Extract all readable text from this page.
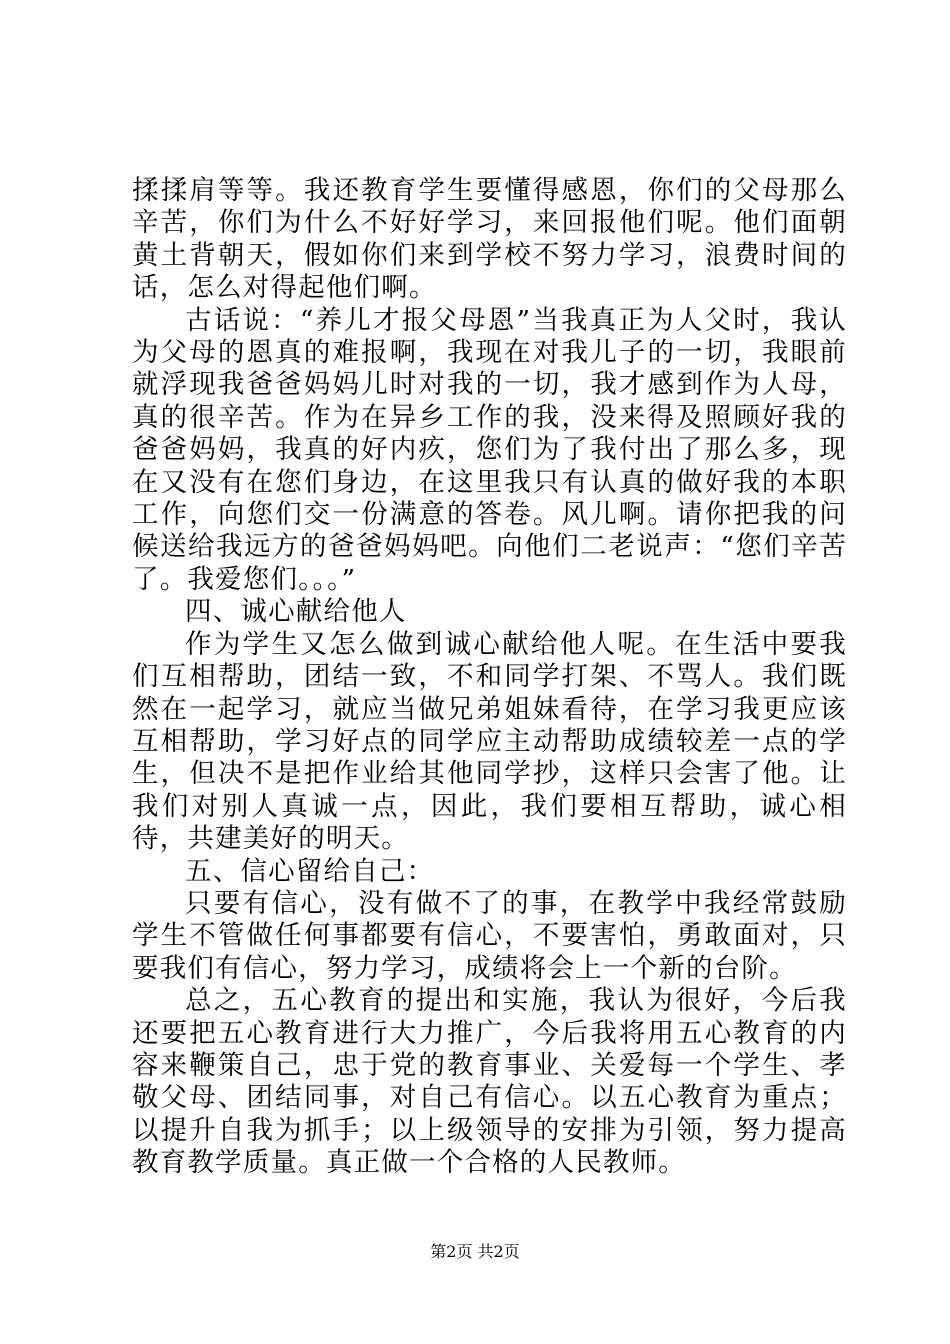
揉揉肩等等。我还教育学生要懂得感恩，你们的父母那么辛苦，你们为什么不好好学习，来回报他们呢。他们面朝黄土背朝天，假如你们来到学校不努力学习，浪费时间的话，怎么对得起他们啊。

古话说：“养儿才报父母恩”当我真正为人父时，我认为父母的恩真的难报啊，我现在对我儿子的一切，我眼前就浮现我爸爸妈妈儿时对我的一切，我才感到作为人母，真的很辛苦。作为在异乡工作的我，没来得及照顾好我的爸爸妈妈，我真的好内疚，您们为了我付出了那么多，现在又没有在您们身边，在这里我只有认真的做好我的本职工作，向您们交一份满意的答卷。风儿啊。请你把我的问候送给我远方的爸爸妈妈吧。向他们二老说声：“您们辛苦了。我爱您们。。。”

四、诚心献给他人

作为学生又怎么做到诚心献给他人呢。在生活中要我们互相帮助，团结一致，不和同学打架、不骂人。我们既然在一起学习，就应当做兄弟姐妹看待，在学习我更应该互相帮助，学习好点的同学应主动帮助成绩较差一点的学生，但决不是把作业给其他同学抄，这样只会害了他。让我们对别人真诚一点，因此，我们要相互帮助，诚心相待，共建美好的明天。

五、信心留给自己：

只要有信心，没有做不了的事，在教学中我经常鼓励学生不管做任何事都要有信心，不要害怕，勇敢面对，只要我们有信心，努力学习，成绩将会上一个新的台阶。

总之，五心教育的提出和实施，我认为很好，今后我还要把五心教育进行大力推广，今后我将用五心教育的内容来鞭策自己，忠于党的教育事业、关爱每一个学生、孝敬父母、团结同事，对自己有信心。以五心教育为重点；以提升自我为抓手；以上级领导的安排为引领，努力提高教育教学质量。真正做一个合格的人民教师。

第2页 共2页
